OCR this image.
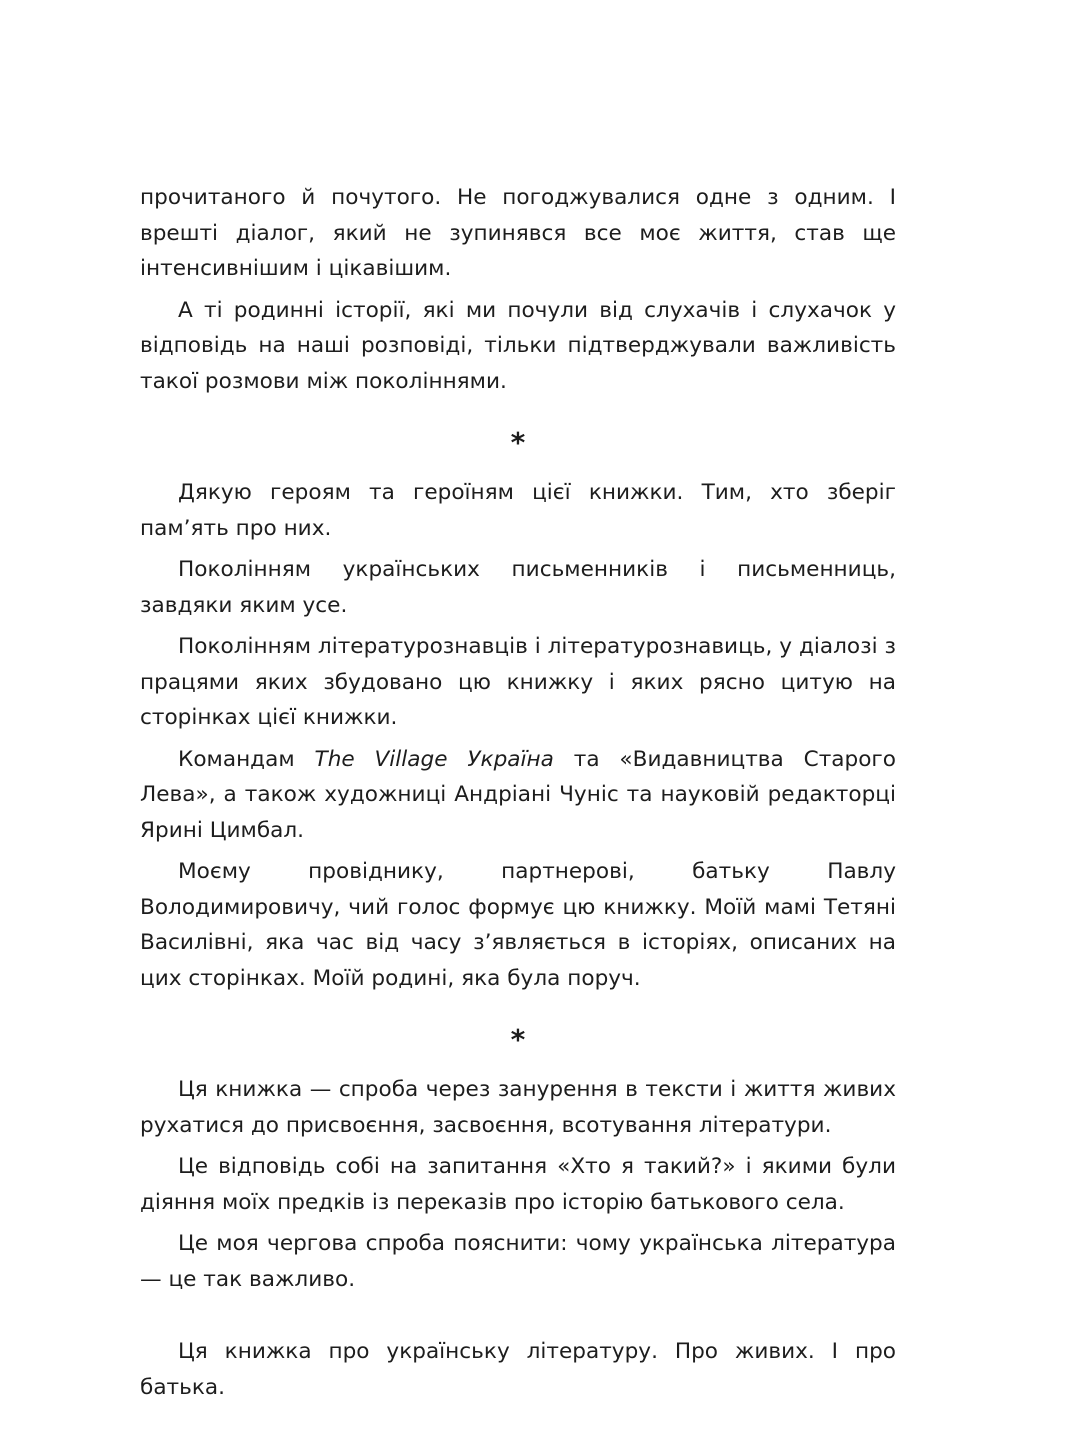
прочитаного й почутого. Не погоджувалися одне з одним. І врешті діалог, який не зупинявся все моє життя, став ще інтенсивнішим і цікавішим.

А ті родинні історії, які ми почули від слухачів і слухачок у відповідь на наші розповіді, тільки підтверджували важливість такої розмови між поколіннями.

*

Дякую героям та героїням цієї книжки. Тим, хто зберіг пам’ять про них.

Поколінням українських письменників і письменниць, завдяки яким усе.

Поколінням літературознавців і літературознавиць, у діалозі з працями яких збудовано цю книжку і яких рясно цитую на сторінках цієї книжки.

Командам The Village Україна та «Видавництва Старого Лева», а також художниці Андріані Чуніс та науковій редакторці Ярині Цимбал.

Моєму провіднику, партнерові, батьку Павлу Володимировичу, чий голос формує цю книжку. Моїй мамі Тетяні Василівні, яка час від часу з’являється в історіях, описаних на цих сторінках. Моїй родині, яка була поруч.

*

Ця книжка — спроба через занурення в тексти і життя живих рухатися до присвоєння, засвоєння, всотування літератури.

Це відповідь собі на запитання «Хто я такий?» і якими були діяння моїх предків із переказів про історію батькового села.

Це моя чергова спроба пояснити: чому українська література — це так важливо.

Ця книжка про українську літературу. Про живих. І про батька.
